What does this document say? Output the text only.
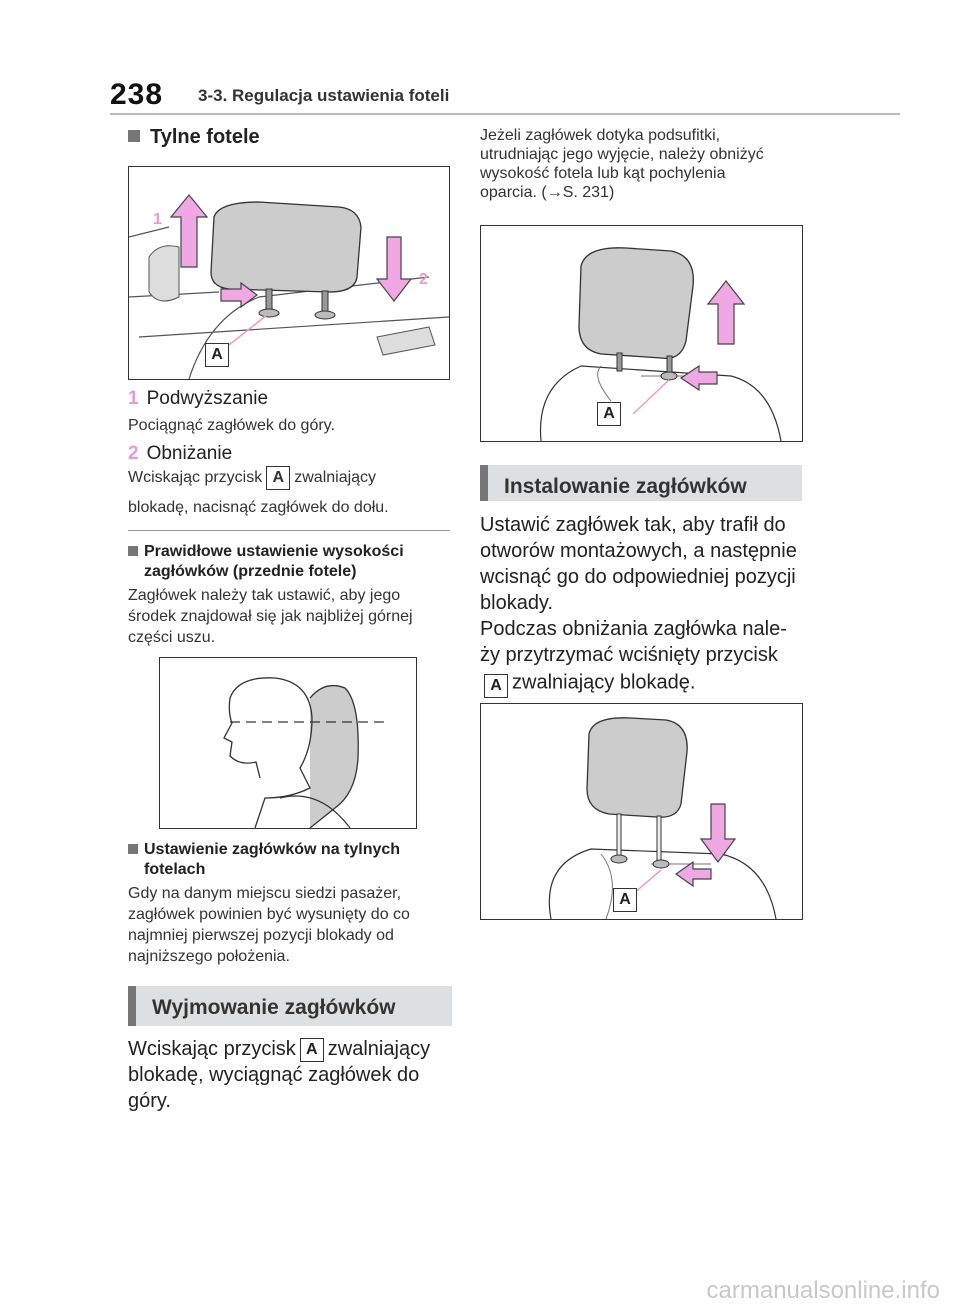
238 3-3. Regulacja ustawienia foteli
Tylne fotele
1
2
A
1 Podwyższanie
Pociągnąć zagłówek do góry.
2 Obniżanie
Wciskając przycisk A zwalniający
blokadę, nacisnąć zagłówek do dołu.
Prawidłowe ustawienie wysokości
zagłówków (przednie fotele)
Zagłówek należy tak ustawić, aby jego
środek znajdował się jak najbliżej górnej
części uszu.
Ustawienie zagłówków na tylnych
fotelach
Gdy na danym miejscu siedzi pasażer,
zagłówek powinien być wysunięty do co
najmniej pierwszej pozycji blokady od
najniższego położenia.
Wyjmowanie zagłówków
Wciskając przycisk A zwalniający
blokadę, wyciągnąć zagłówek do
góry.
Jeżeli zagłówek dotyka podsufitki,
utrudniając jego wyjęcie, należy obniżyć
wysokość fotela lub kąt pochylenia
oparcia. (→S. 231)
A
Instalowanie zagłówków
Ustawić zagłówek tak, aby trafił do
otworów montażowych, a następnie
wcisnąć go do odpowiedniej pozycji
blokady.
Podczas obniżania zagłówka nale-
ży przytrzymać wciśnięty przycisk
A zwalniający blokadę.
A
carmanualsonline.info
